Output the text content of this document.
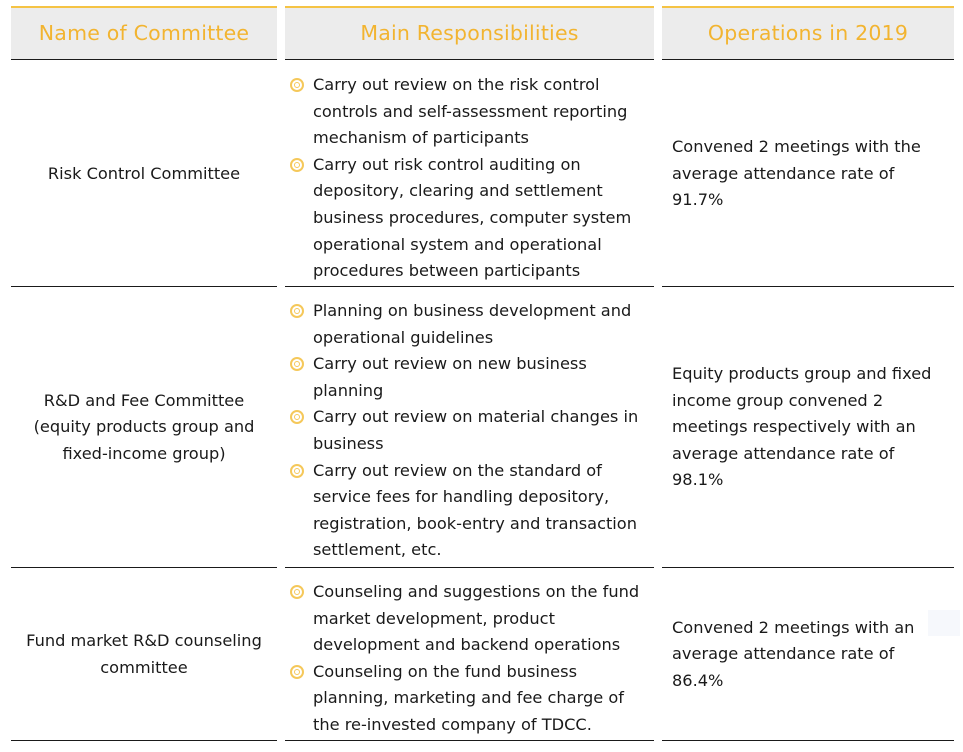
Name of Committee	Main Responsibilities	Operations in 2019
Risk Control Committee
Carry out review on the risk control controls and self-assessment reporting mechanism of participants
Carry out risk control auditing on depository, clearing and settlement business procedures, computer system operational system and operational procedures between participants
Convened 2 meetings with the average attendance rate of 91.7%
R&D and Fee Committee (equity products group and fixed-income group)
Planning on business development and operational guidelines
Carry out review on new business planning
Carry out review on material changes in business
Carry out review on the standard of service fees for handling depository, registration, book-entry and transaction settlement, etc.
Equity products group and fixed income group convened 2 meetings respectively with an average attendance rate of 98.1%
Fund market R&D counseling committee
Counseling and suggestions on the fund market development, product development and backend operations
Counseling on the fund business planning, marketing and fee charge of the re-invested company of TDCC.
Convened 2 meetings with an average attendance rate of 86.4%
